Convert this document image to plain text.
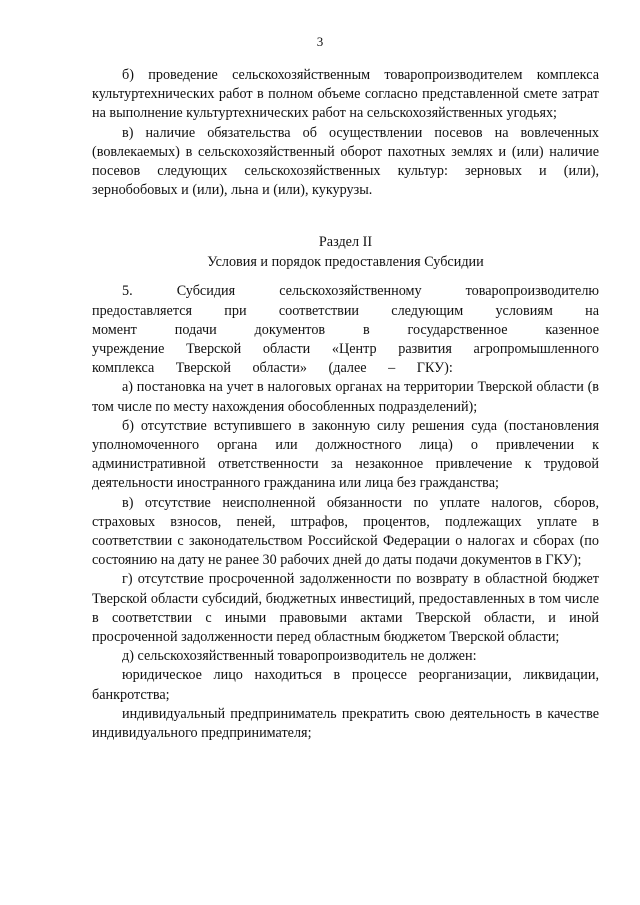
3

б) проведение сельскохозяйственным товаропроизводителем комплекса культуртехнических работ в полном объеме согласно представленной смете затрат на выполнение культуртехнических работ на сельскохозяйственных угодьях;

в) наличие обязательства об осуществлении посевов на вовлеченных (вовлекаемых) в сельскохозяйственный оборот пахотных землях и (или) наличие посевов следующих сельскохозяйственных культур: зерновых и (или), зернобобовых и (или), льна и (или), кукурузы.

Раздел II
Условия и порядок предоставления Субсидии

5. Субсидия сельскохозяйственному товаропроизводителю предоставляется при соответствии следующим условиям на момент подачи документов в государственное казенное учреждение Тверской области «Центр развития агропромышленного комплекса Тверской области» (далее – ГКУ):

а) постановка на учет в налоговых органах на территории Тверской области (в том числе по месту нахождения обособленных подразделений);

б) отсутствие вступившего в законную силу решения суда (постановления уполномоченного органа или должностного лица) о привлечении к административной ответственности за незаконное привлечение к трудовой деятельности иностранного гражданина или лица без гражданства;

в) отсутствие неисполненной обязанности по уплате налогов, сборов, страховых взносов, пеней, штрафов, процентов, подлежащих уплате в соответствии с законодательством Российской Федерации о налогах и сборах (по состоянию на дату не ранее 30 рабочих дней до даты подачи документов в ГКУ);

г) отсутствие просроченной задолженности по возврату в областной бюджет Тверской области субсидий, бюджетных инвестиций, предоставленных в том числе в соответствии с иными правовыми актами Тверской области, и иной просроченной задолженности перед областным бюджетом Тверской области;

д) сельскохозяйственный товаропроизводитель не должен:

юридическое лицо находиться в процессе реорганизации, ликвидации, банкротства;

индивидуальный предприниматель прекратить свою деятельность в качестве индивидуального предпринимателя;
